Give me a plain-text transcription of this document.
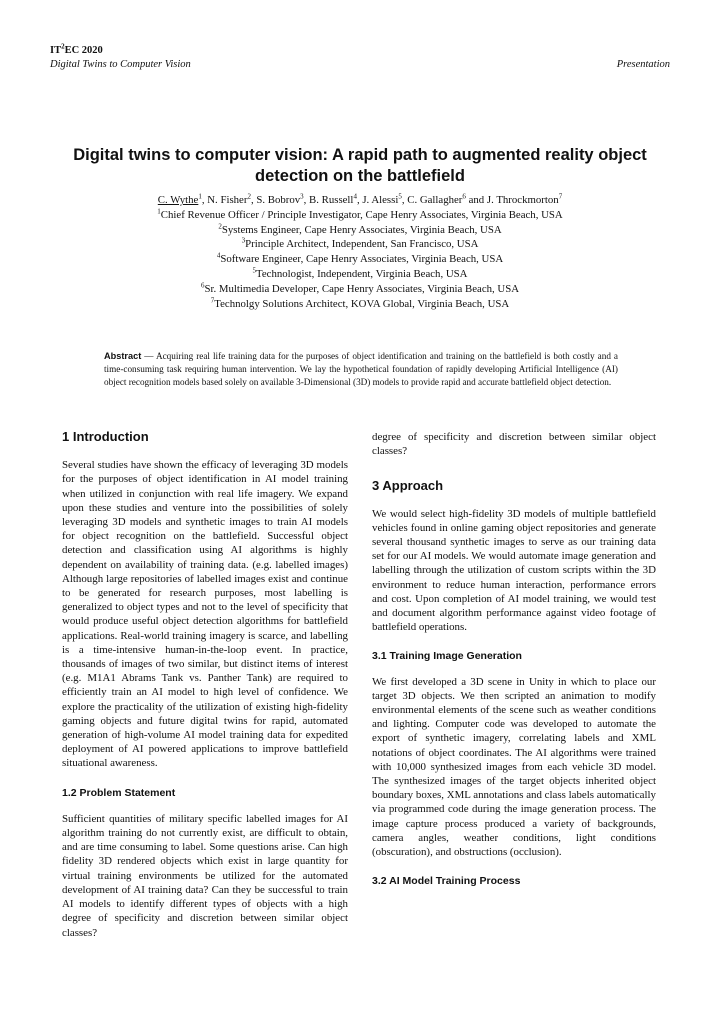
$IT^2EC$ 2020
Digital Twins to Computer Vision	Presentation
Digital twins to computer vision: A rapid path to augmented reality object detection on the battlefield
C. Wythe$^1$, N. Fisher$^2$, S. Bobrov$^3$, B. Russell$^4$, J. Alessi$^5$, C. Gallagher$^6$ and J. Throckmorton$^7$
$^1$Chief Revenue Officer / Principle Investigator, Cape Henry Associates, Virginia Beach, USA
$^2$Systems Engineer, Cape Henry Associates, Virginia Beach, USA
$^3$Principle Architect, Independent, San Francisco, USA
$^4$Software Engineer, Cape Henry Associates, Virginia Beach, USA
$^5$Technologist, Independent, Virginia Beach, USA
$^6$Sr. Multimedia Developer, Cape Henry Associates, Virginia Beach, USA
$^7$Technolgy Solutions Architect, KOVA Global, Virginia Beach, USA
Abstract — Acquiring real life training data for the purposes of object identification and training on the battlefield is both costly and a time-consuming task requiring human intervention. We lay the hypothetical foundation of rapidly developing Artificial Intelligence (AI) object recognition models based solely on available 3-Dimensional (3D) models to provide rapid and accurate battlefield object detection.
1 Introduction

Several studies have shown the efficacy of leveraging 3D models for the purposes of object identification in AI model training when utilized in conjunction with real life imagery. We expand upon these studies and venture into the possibilities of solely leveraging 3D models and synthetic images to train AI models for object recognition on the battlefield. Successful object detection and classification using AI algorithms is highly dependent on availability of training data. (e.g. labelled images) Although large repositories of labelled images exist and continue to be generated for research purposes, most labelling is generalized to object types and not to the level of specificity that would produce useful object detection algorithms for battlefield applications. Real-world training imagery is scarce, and labelling is a time-intensive human-in-the-loop event. In practice, thousands of images of two similar, but distinct items of interest (e.g. M1A1 Abrams Tank vs. Panther Tank) are required to efficiently train an AI model to high level of confidence. We explore the practicality of the utilization of existing high-fidelity gaming objects and future digital twins for rapid, automated generation of high-volume AI model training data for expedited deployment of AI powered applications to improve battlefield situational awareness.

1.2 Problem Statement

Sufficient quantities of military specific labelled images for AI algorithm training do not currently exist, are difficult to obtain, and are time consuming to label. Some questions arise. Can high fidelity 3D rendered objects which exist in large quantity for virtual training environments be utilized for the automated development of AI training data? Can they be successful to train AI models to identify different types of objects with a high degree of specificity and discretion between similar object classes?

degree of specificity and discretion between similar object classes?

3 Approach

We would select high-fidelity 3D models of multiple battlefield vehicles found in online gaming object repositories and generate several thousand synthetic images to serve as our training data set for our AI models. We would automate image generation and labelling through the utilization of custom scripts within the 3D environment to reduce human interaction, performance errors and cost. Upon completion of AI model training, we would test and document algorithm performance against video footage of battlefield operations.

3.1 Training Image Generation

We first developed a 3D scene in Unity in which to place our target 3D objects. We then scripted an animation to modify environmental elements of the scene such as weather conditions and lighting. Computer code was developed to automate the export of synthetic imagery, correlating labels and XML notations of object coordinates. The AI algorithms were trained with 10,000 synthesized images from each vehicle 3D model. The synthesized images of the target objects inherited object boundary boxes, XML annotations and class labels automatically via programmed code during the image generation process. The image capture process produced a variety of backgrounds, camera angles, weather conditions, light conditions (obscuration), and obstructions (occlusion).

3.2 AI Model Training Process
